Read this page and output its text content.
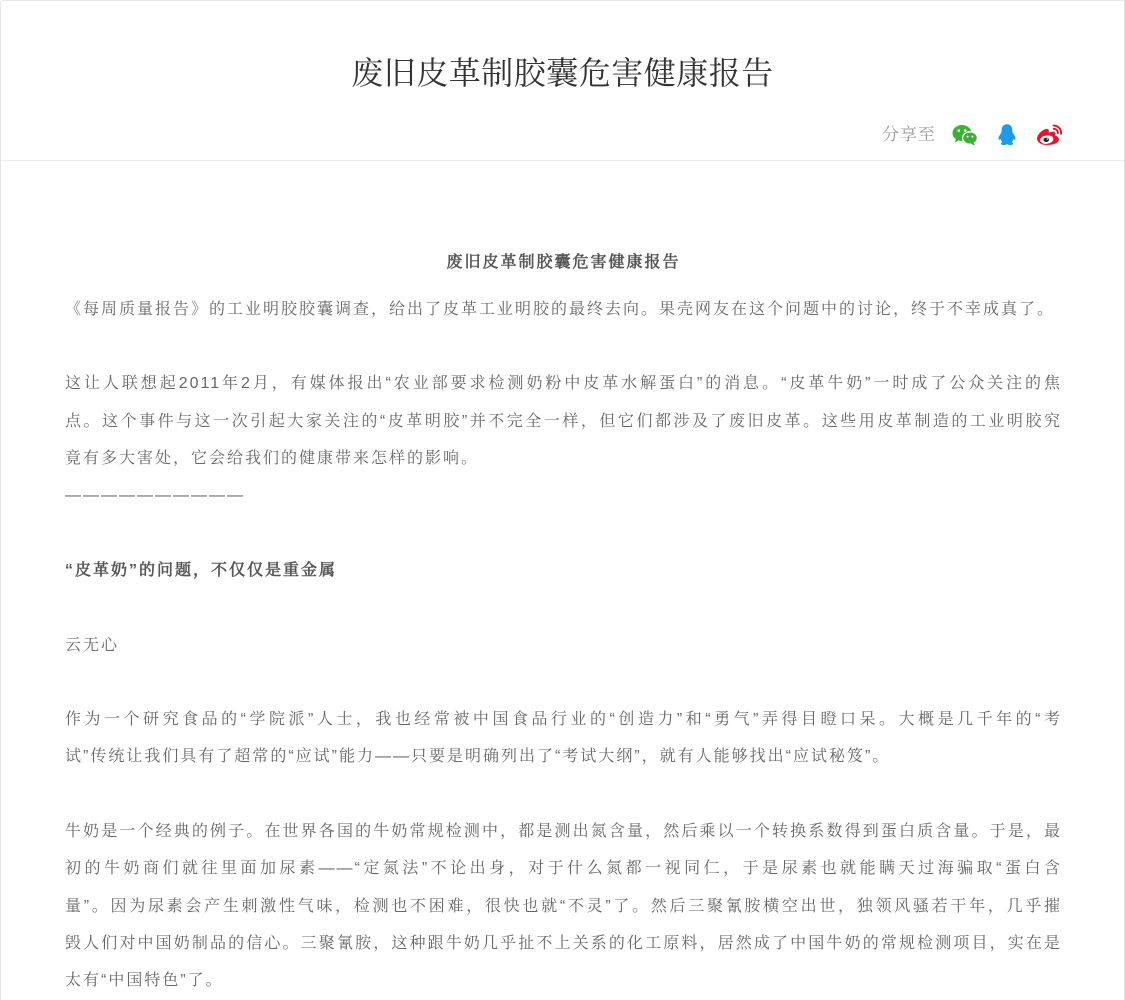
废旧皮革制胶囊危害健康报告
分享至
废旧皮革制胶囊危害健康报告
《每周质量报告》的工业明胶胶囊调查，给出了皮革工业明胶的最终去向。果壳网友在这个问题中的讨论，终于不幸成真了。
这让人联想起2011年2月，有媒体报出“农业部要求检测奶粉中皮革水解蛋白”的消息。“皮革牛奶”一时成了公众关注的焦
点。这个事件与这一次引起大家关注的“皮革明胶”并不完全一样，但它们都涉及了废旧皮革。这些用皮革制造的工业明胶究
竟有多大害处，它会给我们的健康带来怎样的影响。
——————————
“皮革奶”的问题，不仅仅是重金属
云无心
作为一个研究食品的“学院派”人士，我也经常被中国食品行业的“创造力”和“勇气”弄得目瞪口呆。大概是几千年的“考
试”传统让我们具有了超常的“应试”能力——只要是明确列出了“考试大纲”，就有人能够找出“应试秘笈”。
牛奶是一个经典的例子。在世界各国的牛奶常规检测中，都是测出氮含量，然后乘以一个转换系数得到蛋白质含量。于是，最
初的牛奶商们就往里面加尿素——“定氮法”不论出身，对于什么氮都一视同仁，于是尿素也就能瞒天过海骗取“蛋白含
量”。因为尿素会产生刺激性气味，检测也不困难，很快也就“不灵”了。然后三聚氰胺横空出世，独领风骚若干年，几乎摧
毁人们对中国奶制品的信心。三聚氰胺，这种跟牛奶几乎扯不上关系的化工原料，居然成了中国牛奶的常规检测项目，实在是
太有“中国特色”了。
